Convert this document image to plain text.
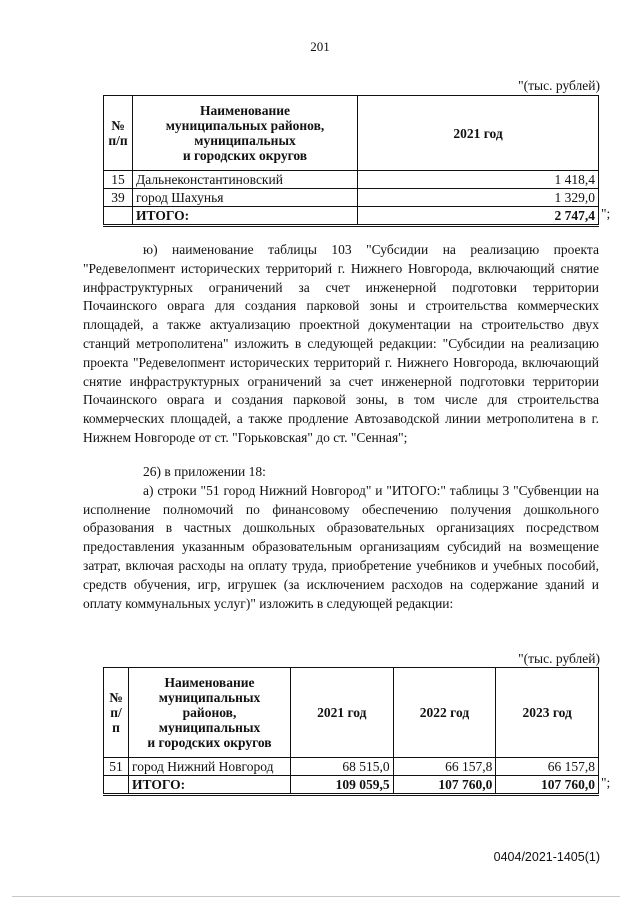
201
"(тыс. рублей)
№ п/п	Наименование
муниципальных районов,
муниципальных
и городских округов	2021 год
15	Дальнеконстантиновский	1 418,4
39	город Шахунья	1 329,0
	ИТОГО:	2 747,4 ";

ю) наименование таблицы 103 "Субсидии на реализацию проекта "Редевелопмент исторических территорий г. Нижнего Новгорода, включающий снятие инфраструктурных ограничений за счет инженерной подготовки территории Почаинского оврага для создания парковой зоны и строительства коммерческих площадей, а также актуализацию проектной документации на строительство двух станций метрополитена" изложить в следующей редакции: "Субсидии на реализацию проекта "Редевелопмент исторических территорий г. Нижнего Новгорода, включающий снятие инфраструктурных ограничений за счет инженерной подготовки территории Почаинского оврага и создания парковой зоны, в том числе для строительства коммерческих площадей, а также продление Автозаводской линии метрополитена в г. Нижнем Новгороде от ст. "Горьковская" до ст. "Сенная";

26) в приложении 18:

а) строки "51 город Нижний Новгород" и "ИТОГО:" таблицы 3 "Субвенции на исполнение полномочий по финансовому обеспечению получения дошкольного образования в частных дошкольных образовательных организациях посредством предоставления указанным образовательным организациям субсидий на возмещение затрат, включая расходы на оплату труда, приобретение учебников и учебных пособий, средств обучения, игр, игрушек (за исключением расходов на содержание зданий и оплату коммунальных услуг)" изложить в следующей редакции:

"(тыс. рублей)
№ п/п	Наименование
муниципальных
районов,
муниципальных
и городских округов	2021 год	2022 год	2023 год
51	город Нижний Новгород	68 515,0	66 157,8	66 157,8
	ИТОГО:	109 059,5	107 760,0	107 760,0 ";
0404/2021-1405(1)
